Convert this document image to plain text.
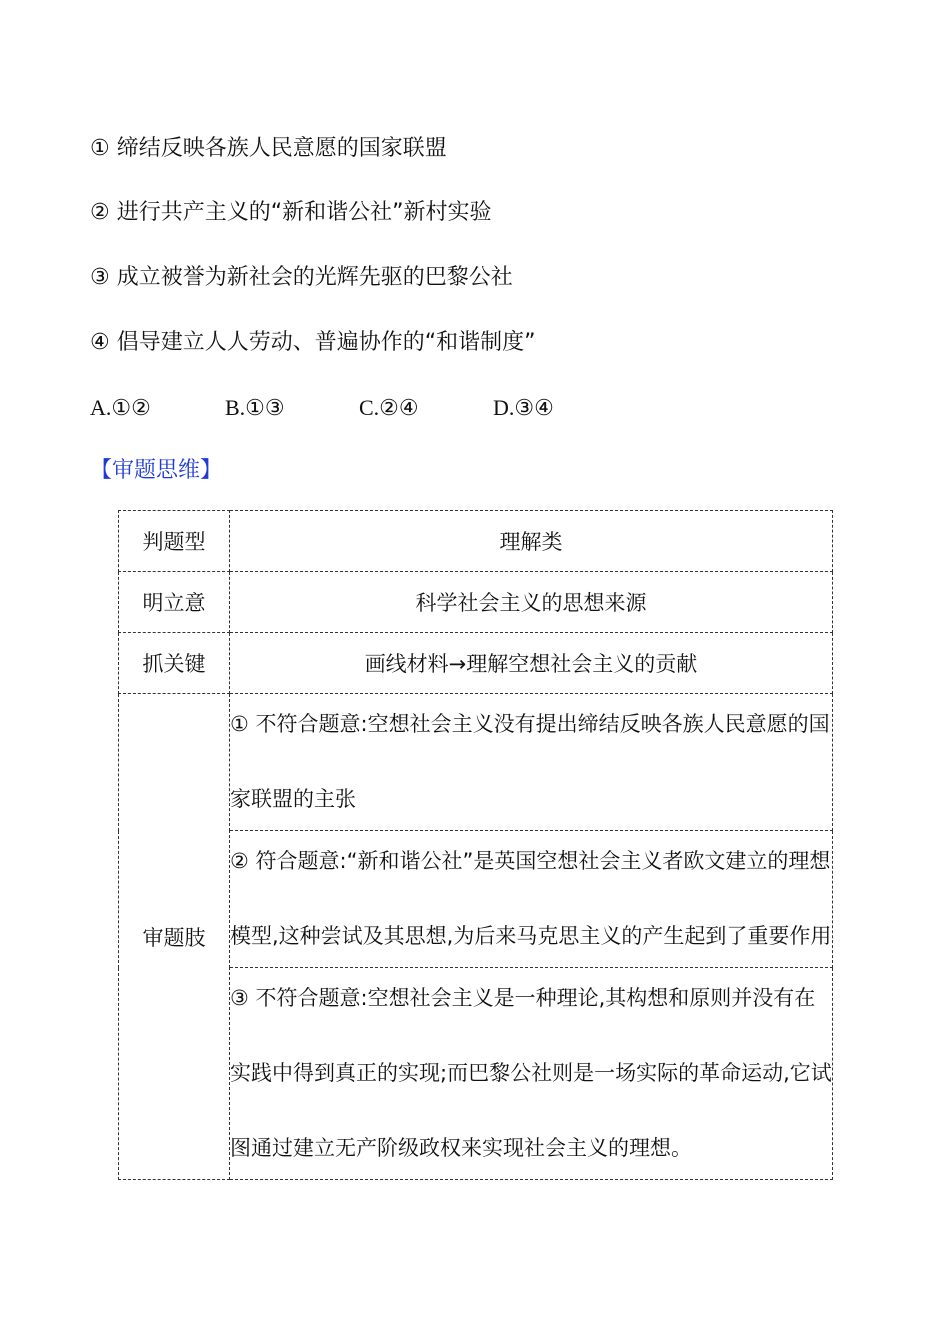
① 缔结反映各族人民意愿的国家联盟
② 进行共产主义的“新和谐公社”新村实验
③ 成立被誉为新社会的光辉先驱的巴黎公社
④ 倡导建立人人劳动、普遍协作的“和谐制度”
A.①②	B.①③	C.②④	D.③④
【审题思维】
判题型	理解类
明立意	科学社会主义的思想来源
抓关键	画线材料→理解空想社会主义的贡献
审题肢	① 不符合题意:空想社会主义没有提出缔结反映各族人民意愿的国家联盟的主张

	② 符合题意:“新和谐公社”是英国空想社会主义者欧文建立的理想模型,这种尝试及其思想,为后来马克思主义的产生起到了重要作用

	③ 不符合题意:空想社会主义是一种理论,其构想和原则并没有在实践中得到真正的实现;而巴黎公社则是一场实际的革命运动,它试图通过建立无产阶级政权来实现社会主义的理想。
